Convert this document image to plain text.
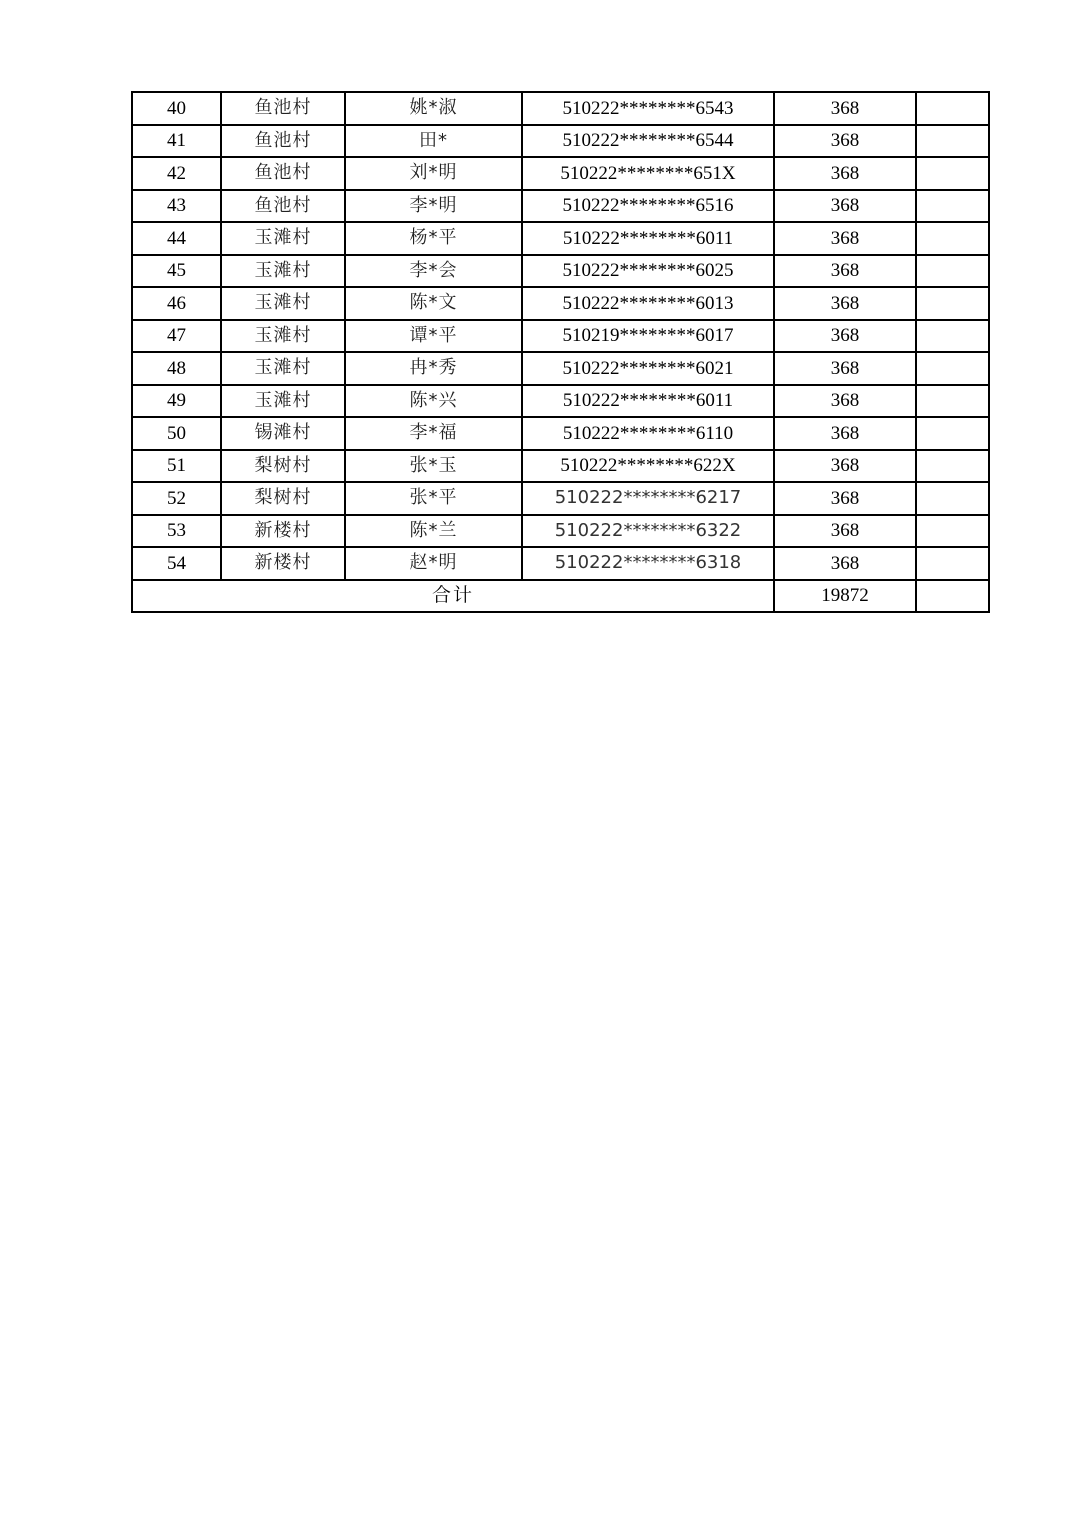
40	鱼池村	姚*淑	510222********6543	368	
41	鱼池村	田*	510222********6544	368	
42	鱼池村	刘*明	510222********651X	368	
43	鱼池村	李*明	510222********6516	368	
44	玉滩村	杨*平	510222********6011	368	
45	玉滩村	李*会	510222********6025	368	
46	玉滩村	陈*文	510222********6013	368	
47	玉滩村	谭*平	510219********6017	368	
48	玉滩村	冉*秀	510222********6021	368	
49	玉滩村	陈*兴	510222********6011	368	
50	锡滩村	李*福	510222********6110	368	
51	梨树村	张*玉	510222********622X	368	
52	梨树村	张*平	510222********6217	368	
53	新楼村	陈*兰	510222********6322	368	
54	新楼村	赵*明	510222********6318	368	
合计				19872	
